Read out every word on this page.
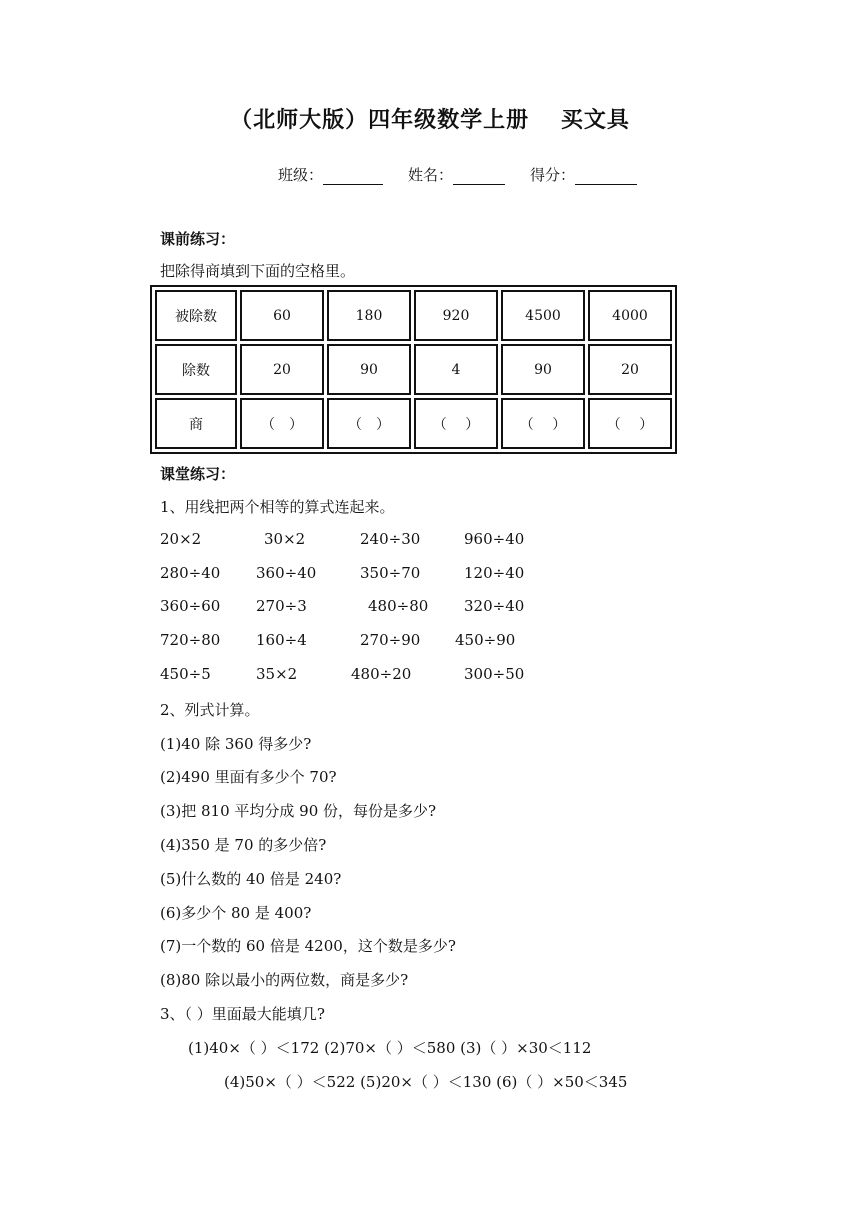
（北师大版）四年级数学上册　 买文具
班级：	姓名：	得分：
课前练习：
把除得商填到下面的空格里。
被除数	60	180	920	4500	4000
除数	20	90	4	90	20
商	（　）	（　）	（　 ）	（　 ）	（　 ）
课堂练习：
1、用线把两个相等的算式连起来。
20×2	30×2	240÷30	960÷40
280÷40 360÷40	350÷70	120÷40
360÷60 270÷3	480÷80 320÷40
720÷80 160÷4	270÷90 450÷90
450÷5	35×2	480÷20	300÷50
2、列式计算。
(1)40 除 360 得多少?
(2)490 里面有多少个 70?
(3)把 810 平均分成 90 份，每份是多少?
(4)350 是 70 的多少倍?
(5)什么数的 40 倍是 240?
(6)多少个 80 是 400?
(7)一个数的 60 倍是 4200，这个数是多少?
(8)80 除以最小的两位数，商是多少?
3、（ ）里面最大能填几?
(1)40×（ ）＜172 (2)70×（ ）＜580 (3)（ ）×30＜112
(4)50×（ ）＜522 (5)20×（ ）＜130 (6)（ ）×50＜345
